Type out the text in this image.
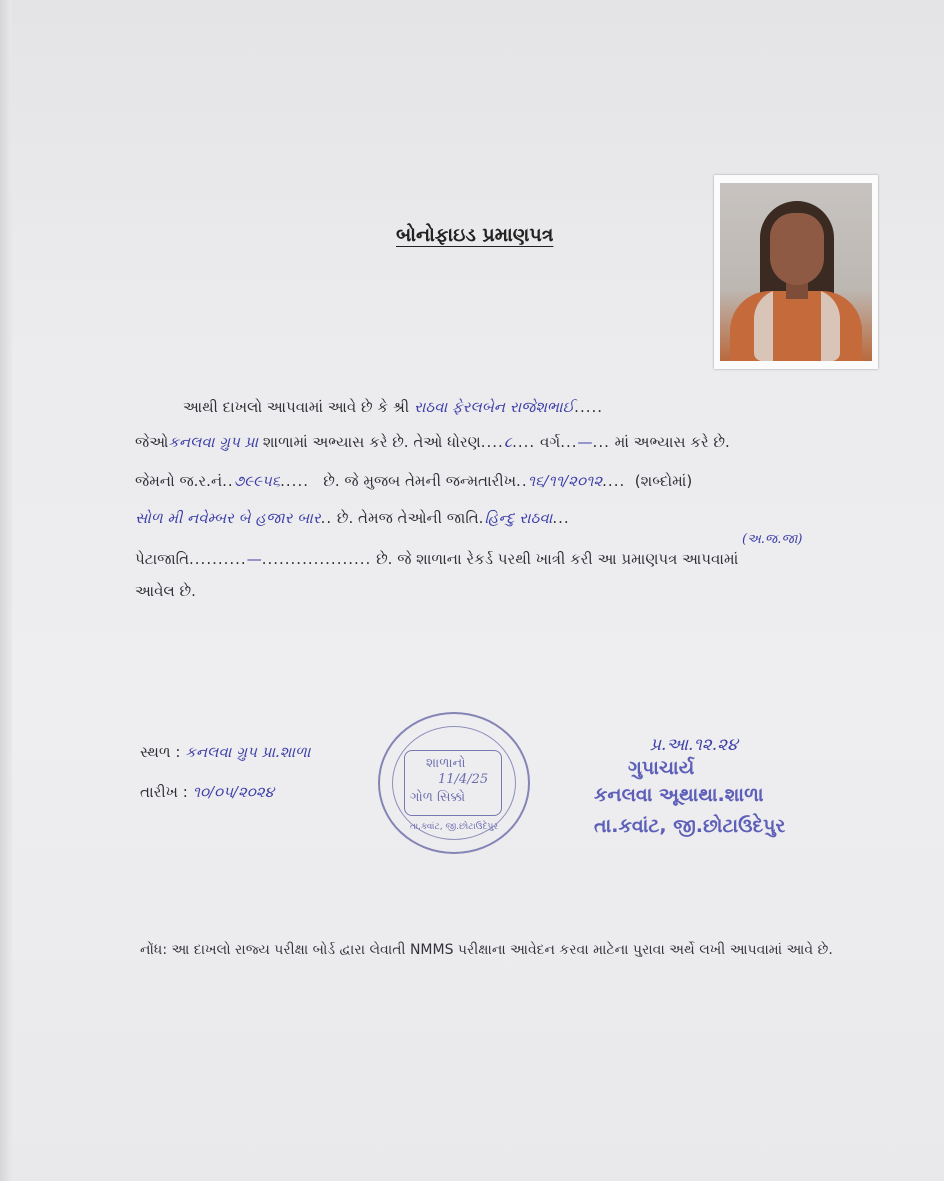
બોનોફાઇડ પ્રમાણપત્ર
આથી દાખલો આપવામાં આવે છે કે શ્રી રાઠવા ફેરલબેન રાજેશભાઈ.....
જેઓકનલવા ગ્રુપ પ્રા શાળામાં અભ્યાસ કરે છે. તેઓ ધોરણ....૮.... વર્ગ...—... માં અભ્યાસ કરે છે.
જેમનો જ.ર.નં..૭૯૯૫૬..... છે. જે મુજબ તેમની જન્મતારીખ..૧૬/૧૧/૨૦૧૨.... (શબ્દોમાં)
સોળ મી નવેમ્બર બે હજાર બાર.. છે. તેમજ તેઓની જાતિ.હિન્દુ રાઠવા...
(અ.જ.જા)
પેટાજાતિ..........—................... છે. જે શાળાના રેકર્ડ પરથી ખાત્રી કરી આ પ્રમાણપત્ર આપવામાં
આવેલ છે.
સ્થળ : કનલવા ગ્રુપ પ્રા.શાળા
તારીખ : ૧૦/૦૫/૨૦૨૪
શાળાનો
11/4/25
ગોળ સિક્કો
તા.ક્વાંટ, જી.છોટાઉદેપુર
પ્ર.આ.૧૨.૨૪
ગુપાચાર્ય
કનલવા અૂથાથા.શાળા
તા.કવાંટ, જી.છોટાઉદેપુર
નોંધ: આ દાખલો રાજ્ય પરીક્ષા બોર્ડ દ્વારા લેવાતી NMMS પરીક્ષાના આવેદન કરવા માટેના પુરાવા અર્થે લખી આપવામાં આવે છે.
